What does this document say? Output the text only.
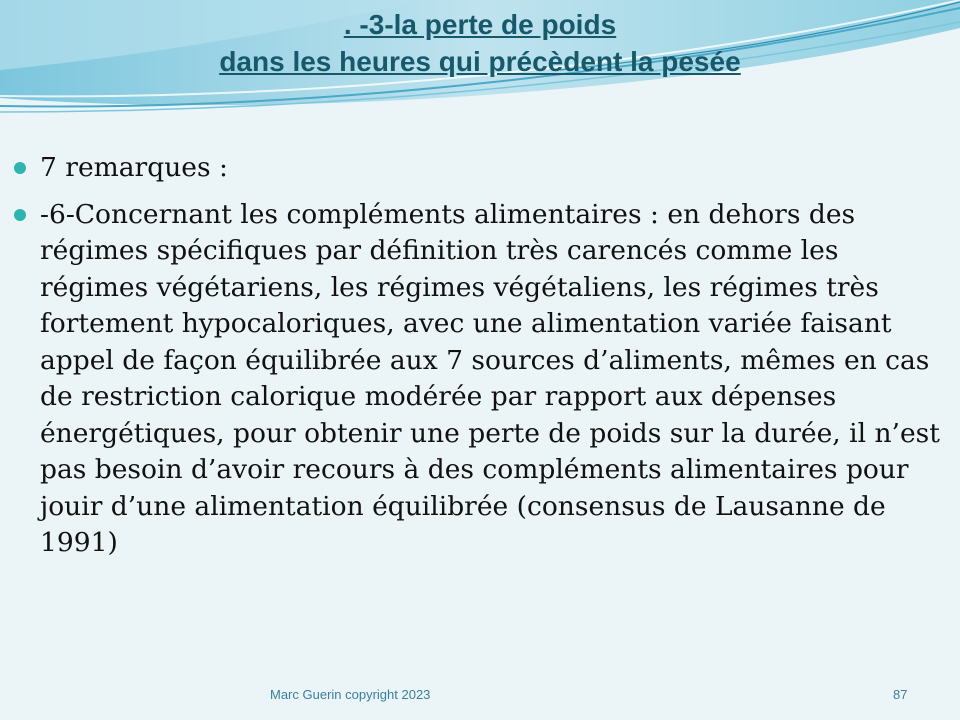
. -3-la perte de poids
dans les heures qui précèdent la pesée
7 remarques :
-6-Concernant les compléments alimentaires : en dehors des régimes spécifiques par définition très carencés comme les régimes végétariens, les régimes végétaliens, les régimes très fortement hypocaloriques, avec une alimentation variée faisant appel de façon équilibrée aux 7 sources d’aliments, mêmes en cas de restriction calorique modérée par rapport aux dépenses énergétiques, pour obtenir une perte de poids sur la durée, il n’est pas besoin d’avoir recours à des compléments alimentaires pour jouir d’une alimentation équilibrée (consensus de Lausanne de 1991)
Marc Guerin copyright 2023	87
